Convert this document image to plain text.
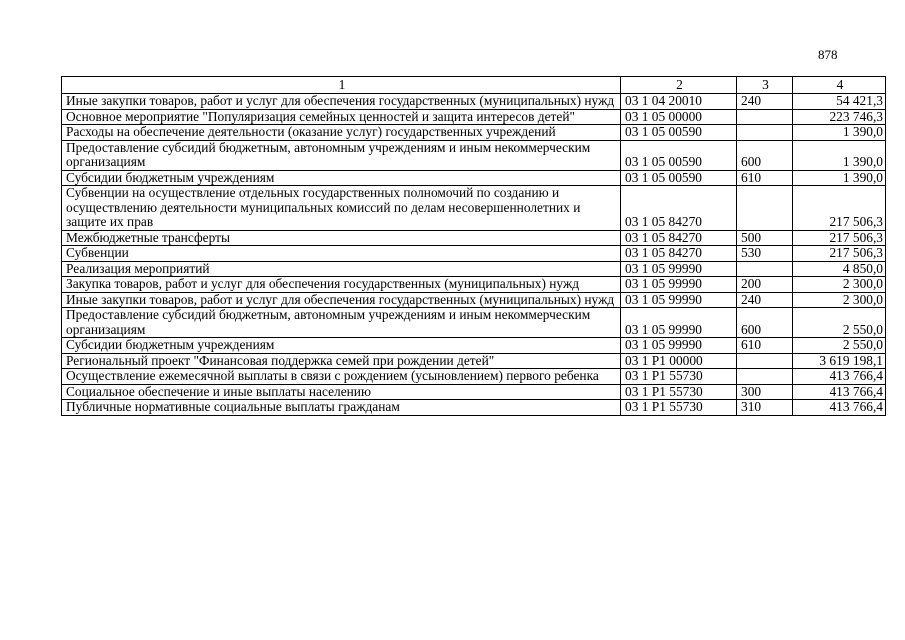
878
1	2	3	4
Иные закупки товаров, работ и услуг для обеспечения государственных (муниципальных) нужд	03 1 04 20010	240	54 421,3
Основное мероприятие "Популяризация семейных ценностей и защита интересов детей"	03 1 05 00000		223 746,3
Расходы на обеспечение деятельности (оказание услуг) государственных учреждений	03 1 05 00590		1 390,0
Предоставление субсидий бюджетным, автономным учреждениям и иным некоммерческим организациям	03 1 05 00590	600	1 390,0
Субсидии бюджетным учреждениям	03 1 05 00590	610	1 390,0
Субвенции на осуществление отдельных государственных полномочий по созданию и осуществлению деятельности муниципальных комиссий по делам несовершеннолетних и защите их прав	03 1 05 84270		217 506,3
Межбюджетные трансферты	03 1 05 84270	500	217 506,3
Субвенции	03 1 05 84270	530	217 506,3
Реализация мероприятий	03 1 05 99990		4 850,0
Закупка товаров, работ и услуг для обеспечения государственных (муниципальных) нужд	03 1 05 99990	200	2 300,0
Иные закупки товаров, работ и услуг для обеспечения государственных (муниципальных) нужд	03 1 05 99990	240	2 300,0
Предоставление субсидий бюджетным, автономным учреждениям и иным некоммерческим организациям	03 1 05 99990	600	2 550,0
Субсидии бюджетным учреждениям	03 1 05 99990	610	2 550,0
Региональный проект "Финансовая поддержка семей при рождении детей"	03 1 P1 00000		3 619 198,1
Осуществление ежемесячной выплаты в связи с рождением (усыновлением) первого ребенка	03 1 P1 55730		413 766,4
Социальное обеспечение и иные выплаты населению	03 1 P1 55730	300	413 766,4
Публичные нормативные социальные выплаты гражданам	03 1 P1 55730	310	413 766,4
